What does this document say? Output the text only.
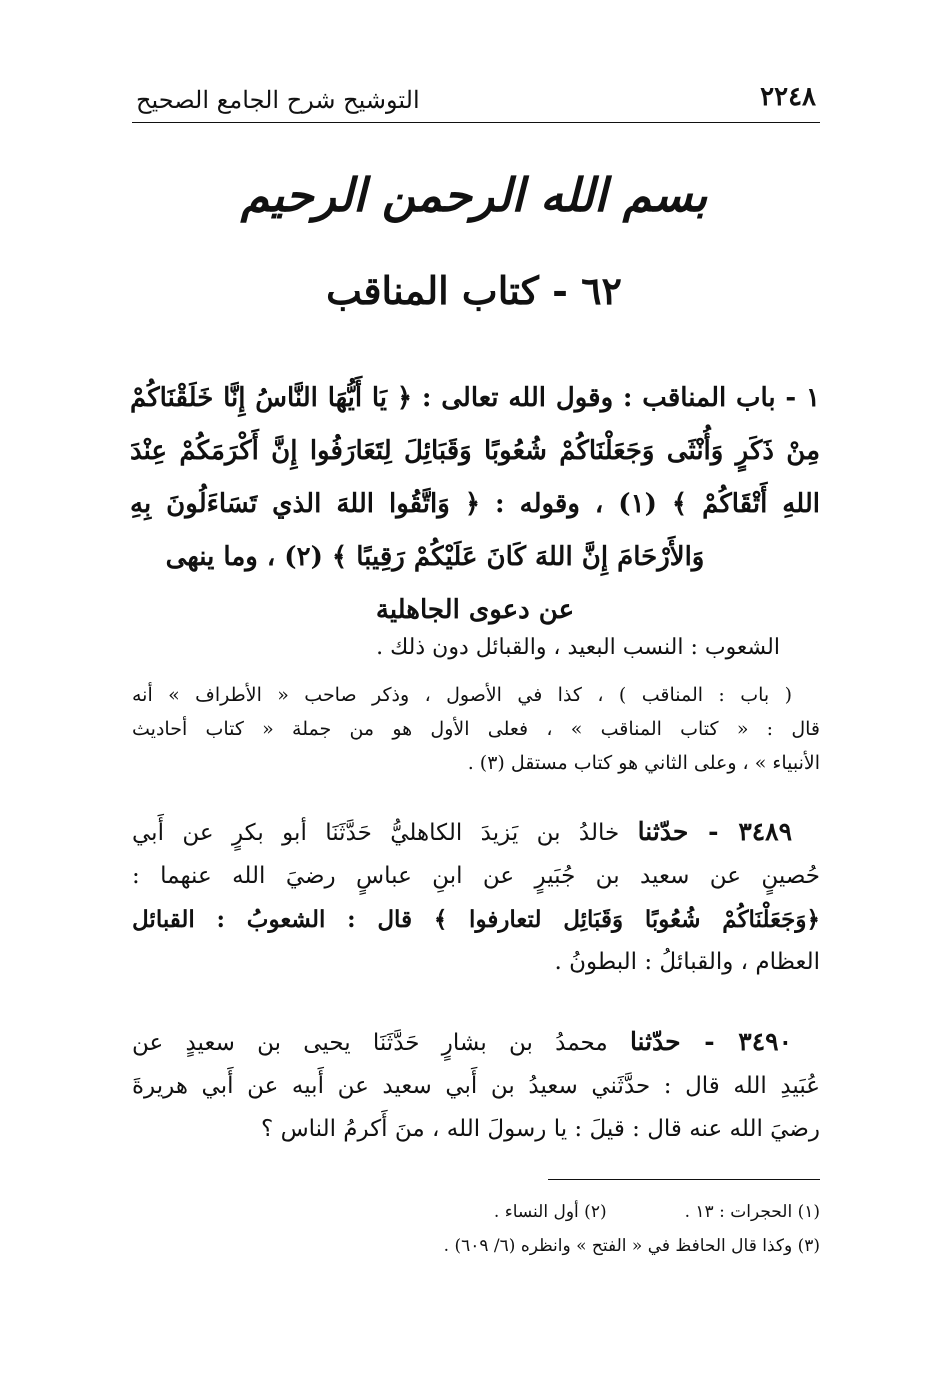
٢٢٤٨
التوشيح شرح الجامع الصحيح
بسم الله الرحمن الرحيم
٦٢ - كتاب المناقب
١ - باب المناقب : وقول الله تعالى : ﴿ يَا أَيُّهَا النَّاسُ إِنَّا خَلَقْنَاكُمْ
مِنْ ذَكَرٍ وَأُنْثَى وَجَعَلْنَاكُمْ شُعُوبًا وَقَبَائِلَ لِتَعَارَفُوا إِنَّ أَكْرَمَكُمْ عِنْدَ
اللهِ أَتْقَاكُمْ ﴾ (١) ، وقوله : ﴿ وَاتَّقُوا اللهَ الذي تَسَاءَلُونَ بِهِ
وَالأَرْحَامَ إِنَّ اللهَ كَانَ عَلَيْكُمْ رَقِيبًا ﴾ (٢) ، وما ينهى
عن دعوى الجاهلية
الشعوب : النسب البعيد ، والقبائل دون ذلك .
( باب : المناقب ) ، كذا في الأصول ، وذكر صاحب « الأطراف » أنه
قال : « كتاب المناقب » ، فعلى الأول هو من جملة « كتاب أحاديث
الأنبياء » ، وعلى الثاني هو كتاب مستقل (٣) .
٣٤٨٩ - حدّثنا خالدُ بن يَزيدَ الكاهليُّ حَدَّثَنَا أبو بكرٍ عن أَبي
حُصينٍ عن سعيد بن جُبَيرٍ عن ابنِ عباسٍ رضيَ الله عنهما :
﴿وَجَعَلْنَاكُمْ شُعُوبًا وَقَبَائِل لتعارفوا ﴾ قال : الشعوبُ : القبائل
العظام ، والقبائلُ : البطونُ .
٣٤٩٠ - حدّثنا محمدُ بن بشارٍ حَدَّثَنَا يحيى بن سعيدٍ عن
عُبَيدِ الله قال : حدَّثَني سعيدُ بن أَبي سعيد عن أَبيه عن أَبي هريرةَ
رضيَ الله عنه قال : قيلَ : يا رسولَ الله ، منَ أَكرمُ الناس ؟
(١) الحجرات : ١٣ . (٢) أول النساء .
(٣) وكذا قال الحافظ في « الفتح » وانظره (٦/ ٦٠٩) .
